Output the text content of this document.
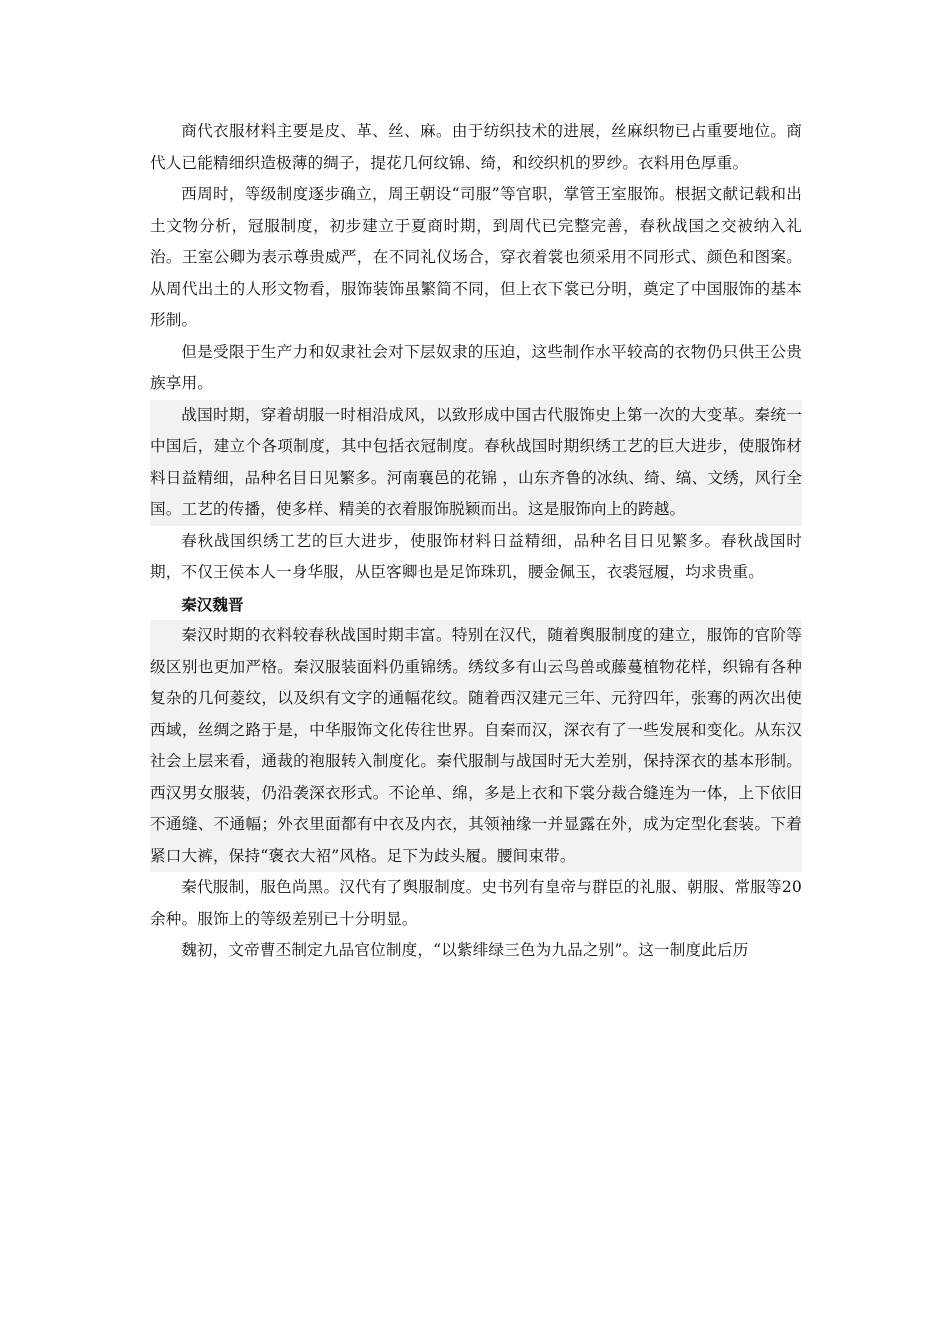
商代衣服材料主要是皮、革、丝、麻。由于纺织技术的进展，丝麻织物已占重要地位。商代人已能精细织造极薄的绸子，提花几何纹锦、绮，和绞织机的罗纱。衣料用色厚重。

西周时，等级制度逐步确立，周王朝设“司服”等官职，掌管王室服饰。根据文献记载和出土文物分析，冠服制度，初步建立于夏商时期，到周代已完整完善，春秋战国之交被纳入礼治。王室公卿为表示尊贵威严，在不同礼仪场合，穿衣着裳也须采用不同形式、颜色和图案。从周代出土的人形文物看，服饰装饰虽繁简不同，但上衣下裳已分明，奠定了中国服饰的基本形制。

但是受限于生产力和奴隶社会对下层奴隶的压迫，这些制作水平较高的衣物仍只供王公贵族享用。

战国时期，穿着胡服一时相沿成风，以致形成中国古代服饰史上第一次的大变革。秦统一中国后，建立个各项制度，其中包括衣冠制度。春秋战国时期织绣工艺的巨大进步，使服饰材料日益精细，品种名目日见繁多。河南襄邑的花锦 ，山东齐鲁的冰纨、绮、缟、文绣，风行全国。工艺的传播，使多样、精美的衣着服饰脱颖而出。这是服饰向上的跨越。

春秋战国织绣工艺的巨大进步，使服饰材料日益精细，品种名目日见繁多。春秋战国时期，不仅王侯本人一身华服，从臣客卿也是足饰珠玑，腰金佩玉，衣裘冠履，均求贵重。

秦汉魏晋

秦汉时期的衣料较春秋战国时期丰富。特别在汉代，随着舆服制度的建立，服饰的官阶等级区别也更加严格。秦汉服装面料仍重锦绣。绣纹多有山云鸟兽或藤蔓植物花样，织锦有各种复杂的几何菱纹，以及织有文字的通幅花纹。随着西汉建元三年、元狩四年，张骞的两次出使西域，丝绸之路于是，中华服饰文化传往世界。自秦而汉，深衣有了一些发展和变化。从东汉社会上层来看，通裁的袍服转入制度化。秦代服制与战国时无大差别，保持深衣的基本形制。西汉男女服装，仍沿袭深衣形式。不论单、绵，多是上衣和下裳分裁合缝连为一体，上下依旧不通缝、不通幅；外衣里面都有中衣及内衣，其领袖缘一并显露在外，成为定型化套装。下着紧口大裤，保持“褒衣大袑”风格。足下为歧头履。腰间束带。

秦代服制，服色尚黑。汉代有了舆服制度。史书列有皇帝与群臣的礼服、朝服、常服等20余种。服饰上的等级差别已十分明显。

魏初，文帝曹丕制定九品官位制度，“以紫绯绿三色为九品之别”。这一制度此后历
